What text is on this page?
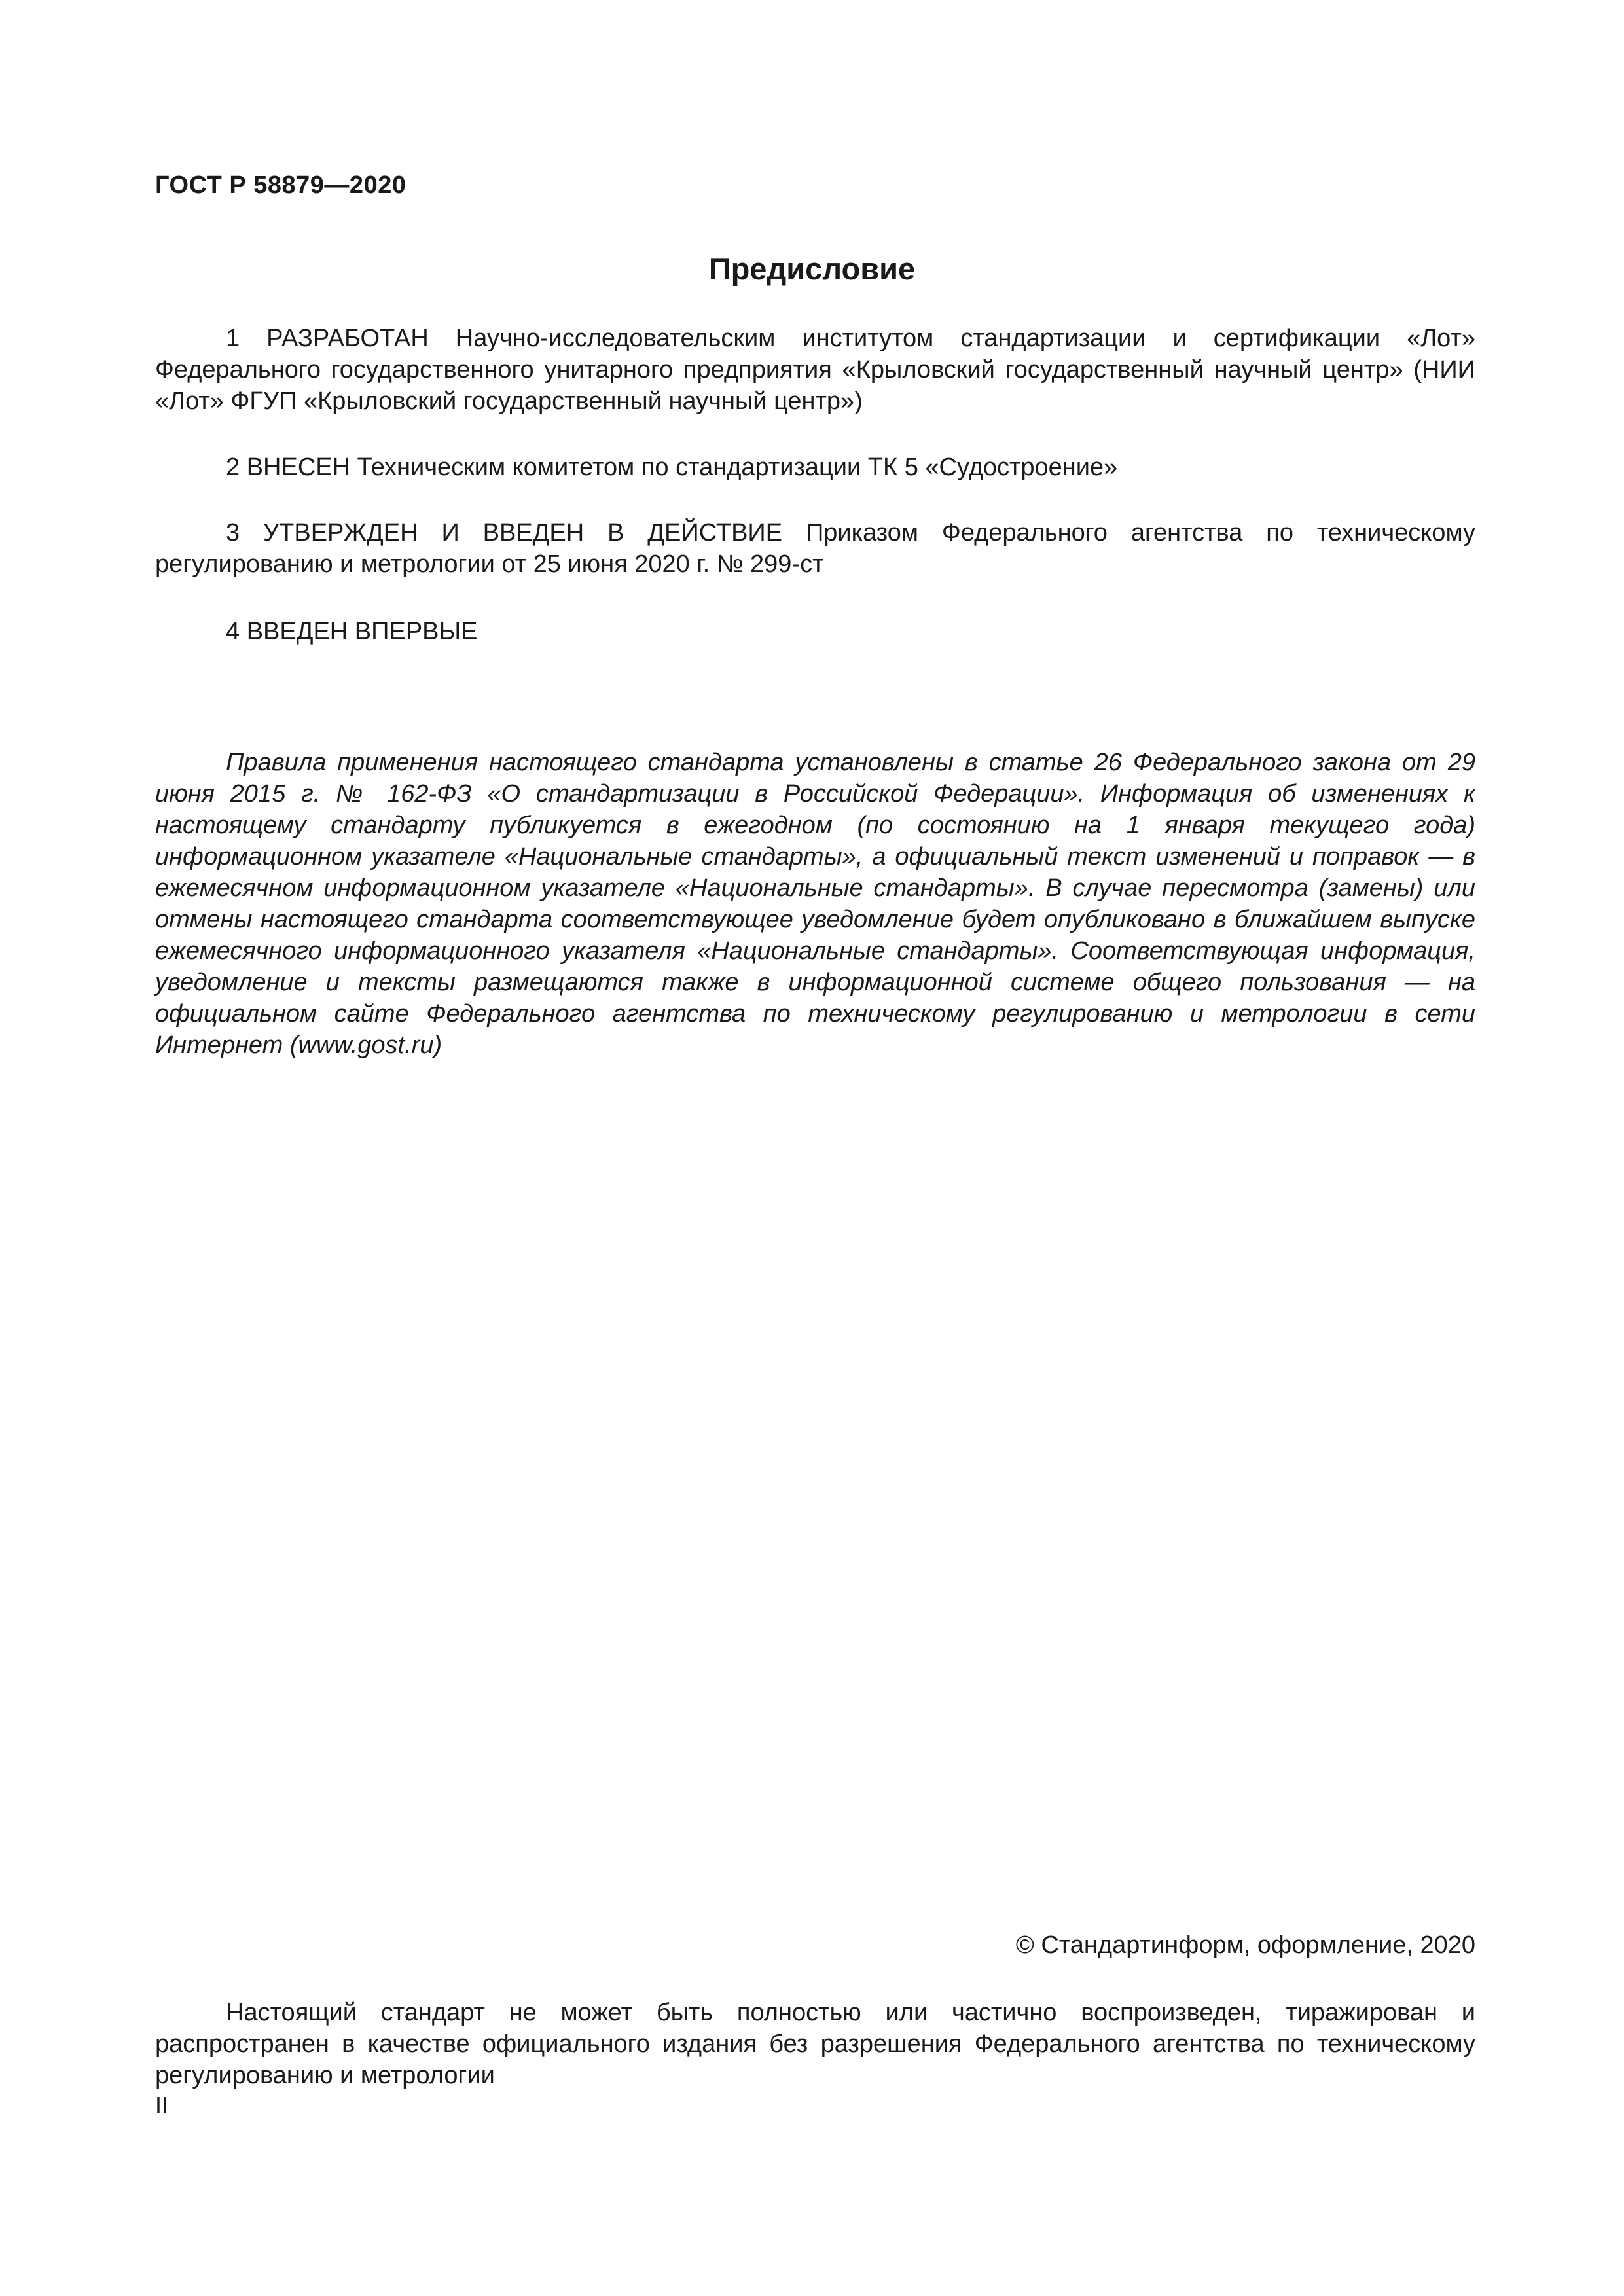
ГОСТ Р 58879—2020
Предисловие

1 РАЗРАБОТАН Научно-исследовательским институтом стандартизации и сертификации «Лот» Федерального государственного унитарного предприятия «Крыловский государственный научный центр» (НИИ «Лот» ФГУП «Крыловский государственный научный центр»)

2 ВНЕСЕН Техническим комитетом по стандартизации ТК 5 «Судостроение»

3 УТВЕРЖДЕН И ВВЕДЕН В ДЕЙСТВИЕ Приказом Федерального агентства по техническому регулированию и метрологии от 25 июня 2020 г. № 299-ст

4 ВВЕДЕН ВПЕРВЫЕ

Правила применения настоящего стандарта установлены в статье 26 Федерального закона от 29 июня 2015 г. № 162-ФЗ «О стандартизации в Российской Федерации». Информация об изменениях к настоящему стандарту публикуется в ежегодном (по состоянию на 1 января текущего года) информационном указателе «Национальные стандарты», а официальный текст изменений и поправок — в ежемесячном информационном указателе «Национальные стандарты». В случае пересмотра (замены) или отмены настоящего стандарта соответствующее уведомление будет опубликовано в ближайшем выпуске ежемесячного информационного указателя «Национальные стандарты». Соответствующая информация, уведомление и тексты размещаются также в информационной системе общего пользования — на официальном сайте Федерального агентства по техническому регулированию и метрологии в сети Интернет (www.gost.ru)

© Стандартинформ, оформление, 2020

Настоящий стандарт не может быть полностью или частично воспроизведен, тиражирован и распространен в качестве официального издания без разрешения Федерального агентства по техническому регулированию и метрологии

II
